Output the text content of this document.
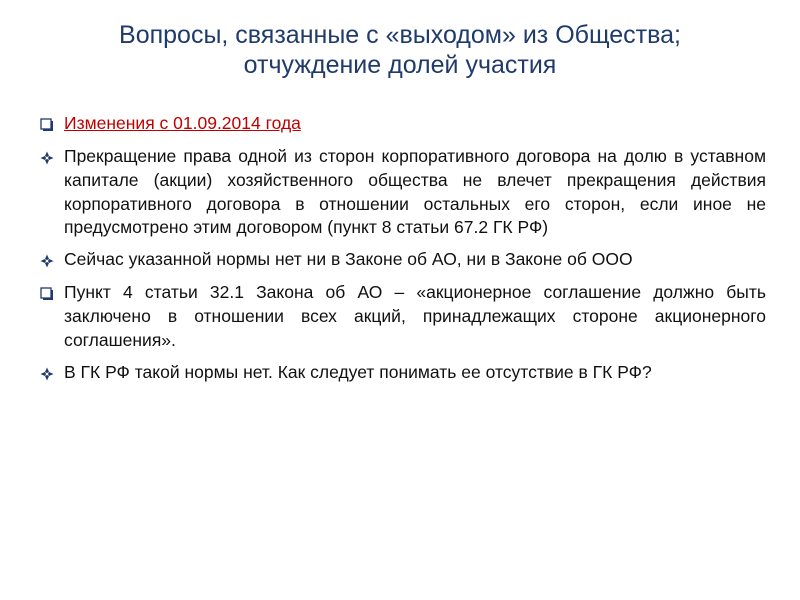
Вопросы, связанные с «выходом» из Общества;
отчуждение долей участия
Изменения с 01.09.2014 года
Прекращение права одной из сторон корпоративного договора на долю в уставном капитале (акции) хозяйственного общества не влечет прекращения действия корпоративного договора в отношении остальных его сторон, если иное не предусмотрено этим договором (пункт 8 статьи 67.2 ГК РФ)
Сейчас указанной нормы нет ни в Законе об АО, ни в Законе об ООО
Пункт 4 статьи 32.1 Закона об АО – «акционерное соглашение должно быть заключено в отношении всех акций, принадлежащих стороне акционерного соглашения».
В ГК РФ такой нормы нет. Как следует понимать ее отсутствие в ГК РФ?
